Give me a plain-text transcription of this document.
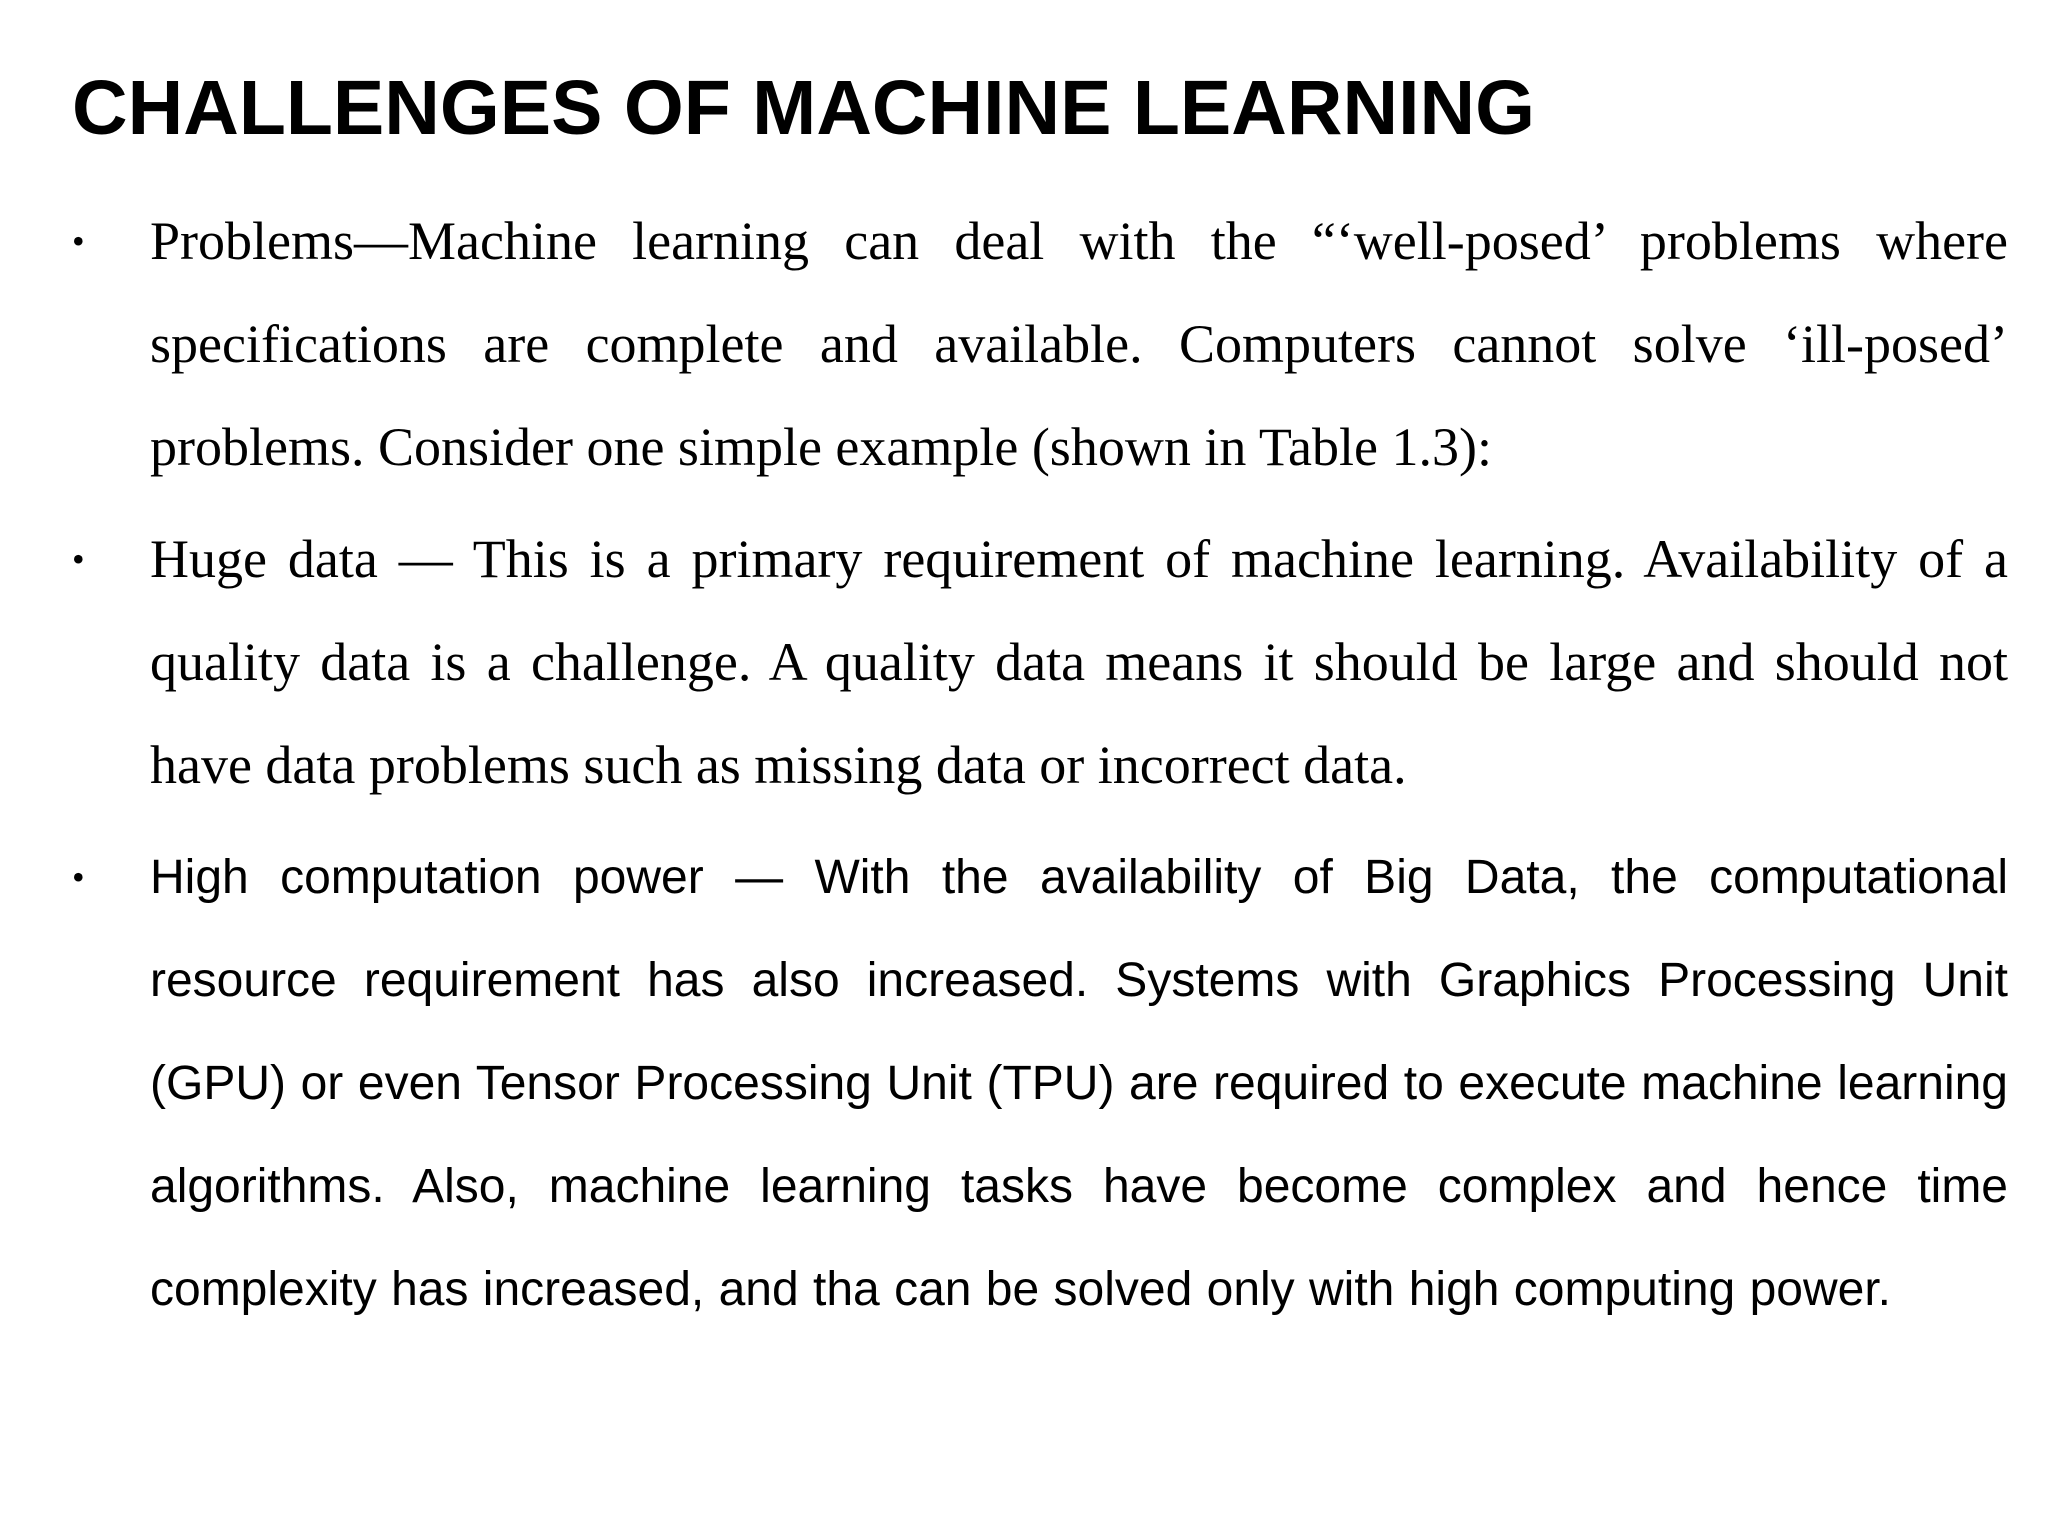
CHALLENGES OF MACHINE LEARNING
• Problems—Machine learning can deal with the “‘well-posed’ problems where specifications are complete and available. Computers cannot solve ‘ill-posed’ problems. Consider one simple example (shown in Table 1.3):

• Huge data — This is a primary requirement of machine learning. Availability of a quality data is a challenge. A quality data means it should be large and should not have data problems such as missing data or incorrect data.

• High computation power — With the availability of Big Data, the computational resource requirement has also increased. Systems with Graphics Processing Unit (GPU) or even Tensor Processing Unit (TPU) are required to execute machine learning algorithms. Also, machine learning tasks have become complex and hence time complexity has increased, and tha can be solved only with high computing power.
